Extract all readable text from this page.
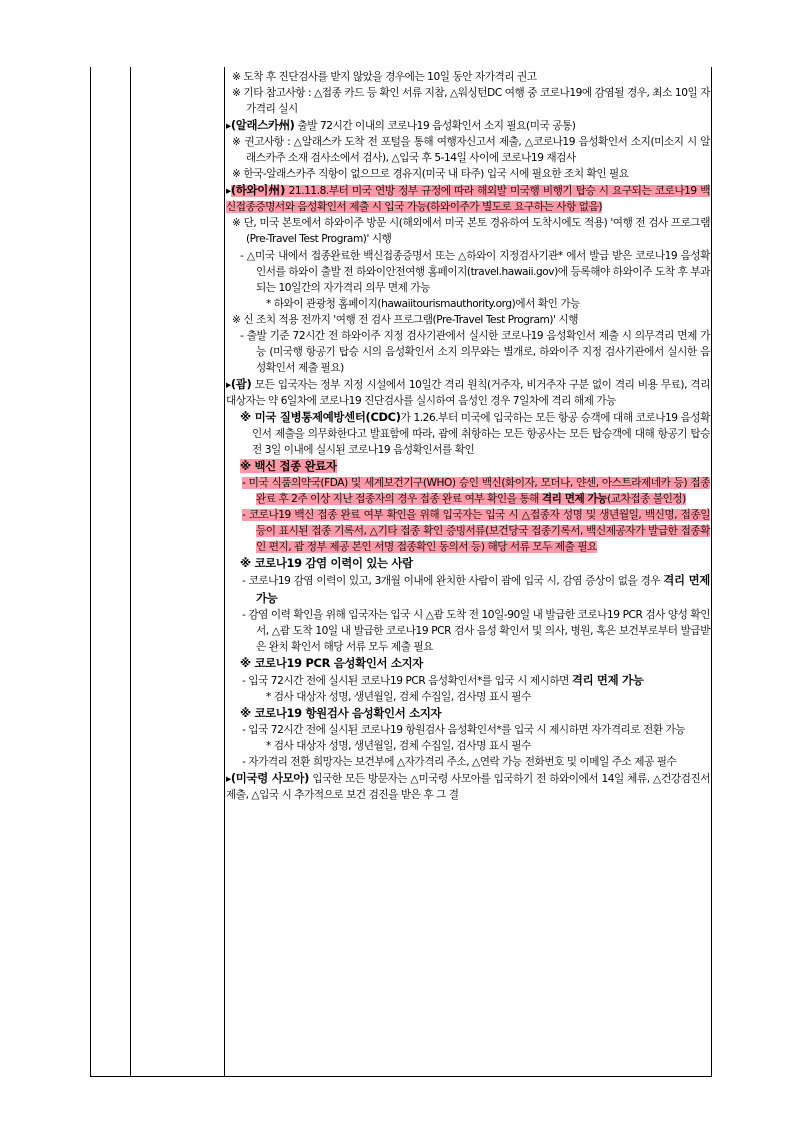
※ 도착 후 진단검사를 받지 않았을 경우에는 10일 동안 자가격리 권고

※ 기타 참고사항 : △접종 카드 등 확인 서류 지참, △워싱턴DC 여행 중 코로나19에 감염될 경우, 최소 10일 자가격리 실시

▸(알래스카州) 출발 72시간 이내의 코로나19 음성확인서 소지 필요(미국 공통)

※ 권고사항 : △알래스카 도착 전 포털을 통해 여행자신고서 제출, △코로나19 음성확인서 소지(미소지 시 알래스카주 소재 검사소에서 검사), △입국 후 5-14일 사이에 코로나19 재검사

※ 한국-알래스카주 직항이 없으므로 경유지(미국 내 타주) 입국 시에 필요한 조치 확인 필요

▸(하와이州) 21.11.8.부터 미국 연방 정부 규정에 따라 해외발 미국행 비행기 탑승 시 요구되는 코로나19 백신접종증명서와 음성확인서 제출 시 입국 가능(하와이주가 별도로 요구하는 사항 없음)

※ 단, 미국 본토에서 하와이주 방문 시(해외에서 미국 본토 경유하여 도착시에도 적용) '여행 전 검사 프로그램(Pre-Travel Test Program)' 시행

- △미국 내에서 접종완료한 백신접종증명서 또는 △하와이 지정검사기관* 에서 발급 받은 코로나19 음성확인서를 하와이 출발 전 하와이안전여행 홈페이지(travel.hawaii.gov)에 등록해야 하와이주 도착 후 부과되는 10일간의 자가격리 의무 면제 가능

* 하와이 관광청 홈페이지(hawaiitourismauthority.org)에서 확인 가능

※ 신 조치 적용 전까지 '여행 전 검사 프로그램(Pre-Travel Test Program)' 시행

- 출발 기준 72시간 전 하와이주 지정 검사기관에서 실시한 코로나19 음성확인서 제출 시 의무격리 면제 가능 (미국행 항공기 탑승 시의 음성확인서 소지 의무와는 별개로, 하와이주 지정 검사기관에서 실시한 음성확인서 제출 필요)

▸(괌) 모든 입국자는 정부 지정 시설에서 10일간 격리 원칙(거주자, 비거주자 구분 없이 격리 비용 무료), 격리 대상자는 약 6일차에 코로나19 진단검사를 실시하여 음성인 경우 7일차에 격리 해제 가능

※ 미국 질병통제예방센터(CDC)가 1.26.부터 미국에 입국하는 모든 항공 승객에 대해 코로나19 음성확인서 제출을 의무화한다고 발표함에 따라, 괌에 취항하는 모든 항공사는 모든 탑승객에 대해 항공기 탑승 전 3일 이내에 실시된 코로나19 음성확인서를 확인

※ 백신 접종 완료자

- 미국 식품의약국(FDA) 및 세계보건기구(WHO) 승인 백신(화이자, 모더나, 얀센, 아스트라제네카 등) 접종 완료 후 2주 이상 지난 접종자의 경우 접종 완료 여부 확인을 통해 격리 면제 가능(교차접종 불인정)

- 코로나19 백신 접종 완료 여부 확인을 위해 입국자는 입국 시 △접종자 성명 및 생년월일, 백신명, 접종일 등이 표시된 접종 기록서, △기타 접종 확인 증빙서류(보건당국 접종기록서, 백신제공자가 발급한 접종확인 편지, 괌 정부 제공 본인 서명 접종확인 동의서 등) 해당 서류 모두 제출 필요

※ 코로나19 감염 이력이 있는 사람

- 코로나19 감염 이력이 있고, 3개월 이내에 완치한 사람이 괌에 입국 시, 감염 증상이 없을 경우 격리 면제 가능

- 감염 이력 확인을 위해 입국자는 입국 시 △괌 도착 전 10일-90일 내 발급한 코로나19 PCR 검사 양성 확인서, △괌 도착 10일 내 발급한 코로나19 PCR 검사 음성 확인서 및 의사, 병원, 혹은 보건부로부터 발급받은 완치 확인서 해당 서류 모두 제출 필요

※ 코로나19 PCR 음성확인서 소지자

- 입국 72시간 전에 실시된 코로나19 PCR 음성확인서*를 입국 시 제시하면 격리 면제 가능

* 검사 대상자 성명, 생년월일, 검체 수집일, 검사명 표시 필수

※ 코로나19 항원검사 음성확인서 소지자

- 입국 72시간 전에 실시된 코로나19 항원검사 음성확인서*를 입국 시 제시하면 자가격리로 전환 가능

* 검사 대상자 성명, 생년월일, 검체 수집일, 검사명 표시 필수

- 자가격리 전환 희망자는 보건부에 △자가격리 주소, △연락 가능 전화번호 및 이메일 주소 제공 필수

▸(미국령 사모아) 입국한 모든 방문자는 △미국령 사모아를 입국하기 전 하와이에서 14일 체류, △건강검진서 제출, △입국 시 추가적으로 보건 검진을 받은 후 그 결
